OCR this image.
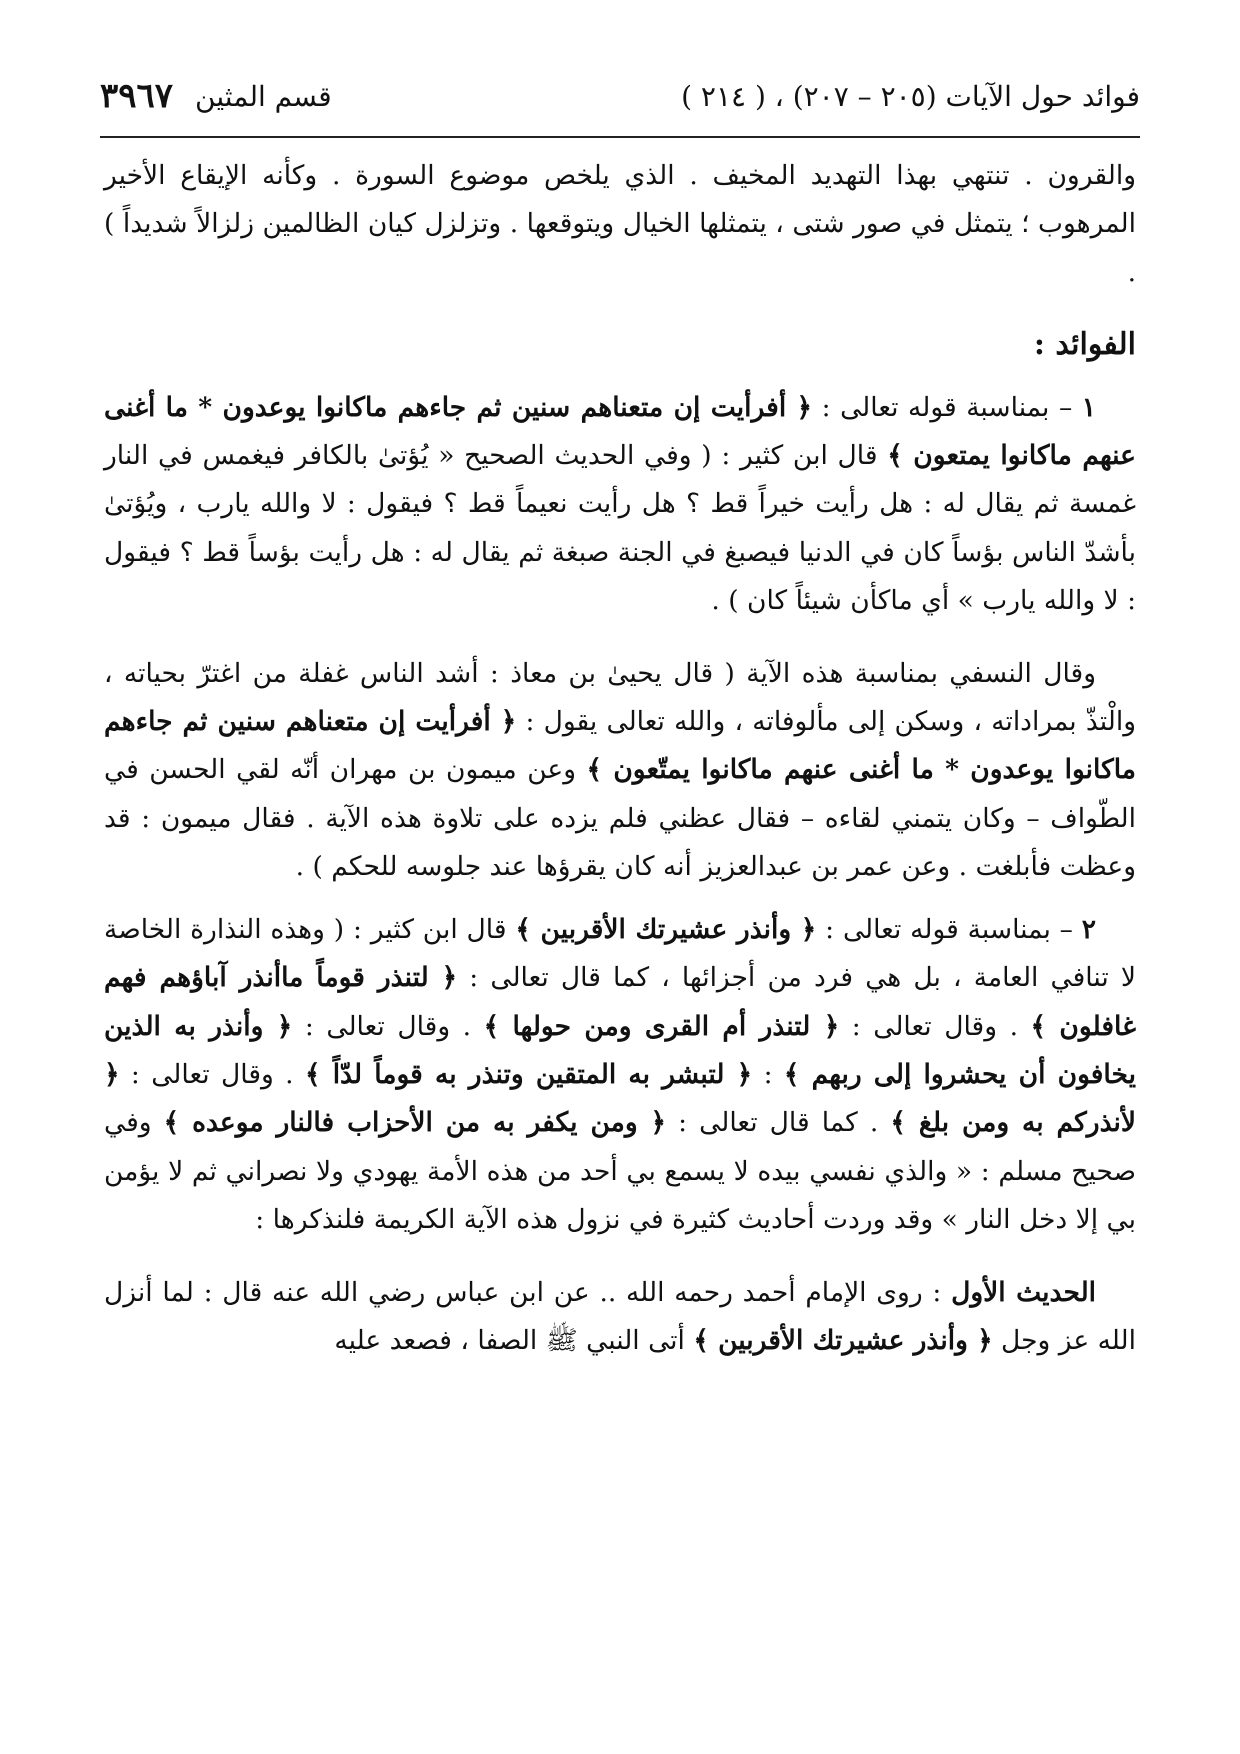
فوائد حول الآيات (٢٠٥ – ٢٠٧) ، ( ٢١٤ )
قسم المثين
٣٩٦٧

والقرون . تنتهي بهذا التهديد المخيف . الذي يلخص موضوع السورة . وكأنه الإيقاع الأخير المرهوب ؛ يتمثل في صور شتى ، يتمثلها الخيال ويتوقعها . وتزلزل كيان الظالمين زلزالاً شديداً ) .

الفوائد :

١ – بمناسبة قوله تعالى : ﴿ أفرأيت إن متعناهم سنين ثم جاءهم ماكانوا يوعدون * ما أغنى عنهم ماكانوا يمتعون ﴾ قال ابن كثير : ( وفي الحديث الصحيح « يُؤتىٰ بالكافر فيغمس في النار غمسة ثم يقال له : هل رأيت خيراً قط ؟ هل رأيت نعيماً قط ؟ فيقول : لا والله يارب ، ويُؤتىٰ بأشدّ الناس بؤساً كان في الدنيا فيصبغ في الجنة صبغة ثم يقال له : هل رأيت بؤساً قط ؟ فيقول : لا والله يارب » أي ماكأن شيئاً كان ) .

وقال النسفي بمناسبة هذه الآية ( قال يحيىٰ بن معاذ : أشد الناس غفلة من اغترّ بحياته ، والْتذّ بمراداته ، وسكن إلى مألوفاته ، والله تعالى يقول : ﴿ أفرأيت إن متعناهم سنين ثم جاءهم ماكانوا يوعدون * ما أغنى عنهم ماكانوا يمتّعون ﴾ وعن ميمون بن مهران أنّه لقي الحسن في الطّواف – وكان يتمني لقاءه – فقال عظني فلم يزده على تلاوة هذه الآية . فقال ميمون : قد وعظت فأبلغت . وعن عمر بن عبدالعزيز أنه كان يقرؤها عند جلوسه للحكم ) .

٢ – بمناسبة قوله تعالى : ﴿ وأنذر عشيرتك الأقربين ﴾ قال ابن كثير : ( وهذه النذارة الخاصة لا تنافي العامة ، بل هي فرد من أجزائها ، كما قال تعالى : ﴿ لتنذر قوماً ماأنذر آباؤهم فهم غافلون ﴾ . وقال تعالى : ﴿ لتنذر أم القرى ومن حولها ﴾ . وقال تعالى : ﴿ وأنذر به الذين يخافون أن يحشروا إلى ربهم ﴾ : ﴿ لتبشر به المتقين وتنذر به قوماً لدّاً ﴾ . وقال تعالى : ﴿ لأنذركم به ومن بلغ ﴾ . كما قال تعالى : ﴿ ومن يكفر به من الأحزاب فالنار موعده ﴾ وفي صحيح مسلم : « والذي نفسي بيده لا يسمع بي أحد من هذه الأمة يهودي ولا نصراني ثم لا يؤمن بي إلا دخل النار » وقد وردت أحاديث كثيرة في نزول هذه الآية الكريمة فلنذكرها :

الحديث الأول : روى الإمام أحمد رحمه الله .. عن ابن عباس رضي الله عنه قال : لما أنزل الله عز وجل ﴿ وأنذر عشيرتك الأقربين ﴾ أتى النبي ﷺ الصفا ، فصعد عليه
